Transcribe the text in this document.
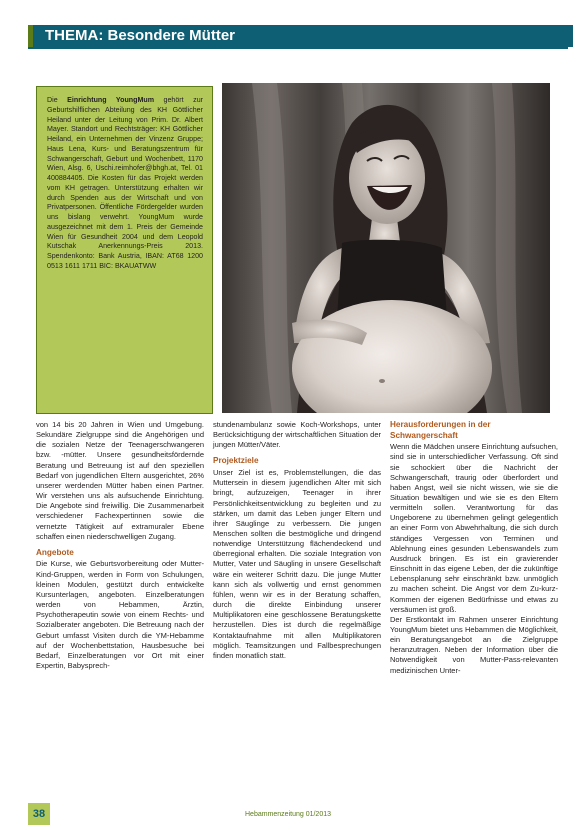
THEMA: Besondere Mütter
Die Einrichtung YoungMum gehört zur Geburtshilflichen Abteilung des KH Göttlicher Heiland unter der Leitung von Prim. Dr. Albert Mayer. Standort und Rechtsträger: KH Göttlicher Heiland, ein Unternehmen der Vinzenz Gruppe; Haus Lena, Kurs- und Beratungszentrum für Schwangerschaft, Geburt und Wochenbett, 1170 Wien, Alsg. 6, Uschi.reimhofer@bhgh.at, Tel. 01 400884405. Die Kosten für das Projekt werden vom KH getragen. Unterstützung erhalten wir durch Spenden aus der Wirtschaft und von Privatpersonen. Öffentliche Fördergelder wurden uns bislang verwehrt. YoungMum wurde ausgezeichnet mit dem 1. Preis der Gemeinde Wien für Gesundheit 2004 und dem Leopold Kutschak Anerkennungs-Preis 2013. Spendenkonto: Bank Austria, IBAN: AT68 1200 0513 1611 1711 BIC: BKAUATWW

von 14 bis 20 Jahren in Wien und Umgebung. Sekundäre Zielgruppe sind die Angehörigen und die sozialen Netze der Teenagerschwangeren bzw. -mütter. Unsere gesundheitsfördernde Beratung und Betreuung ist auf den speziellen Bedarf von jugendlichen Eltern ausgerichtet, 26% unserer werdenden Mütter haben einen Partner. Wir verstehen uns als aufsuchende Einrichtung. Die Angebote sind freiwillig. Die Zusammenarbeit verschiedener Fachexpertinnen sowie die vernetzte Tätigkeit auf extramuraler Ebene schaffen einen niederschwelligen Zugang.

Angebote

Die Kurse, wie Geburtsvorbereitung oder Mutter-Kind-Gruppen, werden in Form von Schulungen, kleinen Modulen, gestützt durch entwickelte Kursunterlagen, angeboten. Einzelberatungen werden von Hebammen, Ärztin, Psychotherapeutin sowie von einem Rechts- und Sozialberater angeboten. Die Betreuung nach der Geburt umfasst Visiten durch die YM-Hebamme auf der Wochenbettstation, Hausbesuche bei Bedarf, Einzelberatungen vor Ort mit einer Expertin, Babysprech-

stundenambulanz sowie Koch-Workshops, unter Berücksichtigung der wirtschaftlichen Situation der jungen Mütter/Väter.

Projektziele

Unser Ziel ist es, Problemstellungen, die das Muttersein in diesem jugendlichen Alter mit sich bringt, aufzuzeigen, Teenager in ihrer Persönlichkeitsentwicklung zu begleiten und zu stärken, um damit das Leben junger Eltern und ihrer Säuglinge zu verbessern. Die jungen Menschen sollten die bestmögliche und dringend notwendige Unterstützung flächendeckend und überregional erhalten. Die soziale Integration von Mutter, Vater und Säugling in unsere Gesellschaft wäre ein weiterer Schritt dazu. Die junge Mutter kann sich als vollwertig und ernst genommen fühlen, wenn wir es in der Beratung schaffen, durch die direkte Einbindung unserer Multiplikatoren eine geschlossene Beratungskette herzustellen. Dies ist durch die regelmäßige Kontaktaufnahme mit allen Multiplikatoren möglich. Teamsitzungen und Fallbesprechungen finden monatlich statt.

Herausforderungen in der Schwangerschaft

Wenn die Mädchen unsere Einrichtung aufsuchen, sind sie in unterschiedlicher Verfassung. Oft sind sie schockiert über die Nachricht der Schwangerschaft, traurig oder überfordert und haben Angst, weil sie nicht wissen, wie sie die Situation bewältigen und wie sie es den Eltern vermitteln sollen. Verantwortung für das Ungeborene zu übernehmen gelingt gelegentlich an einer Form von Abwehrhaltung, die sich durch ständiges Vergessen von Terminen und Ablehnung eines gesunden Lebenswandels zum Ausdruck bringen. Es ist ein gravierender Einschnitt in das eigene Leben, der die zukünftige Lebensplanung sehr einschränkt bzw. unmöglich zu machen scheint. Die Angst vor dem Zu-kurz-Kommen der eigenen Bedürfnisse und etwas zu versäumen ist groß.

Der Erstkontakt im Rahmen unserer Einrichtung YoungMum bietet uns Hebammen die Möglichkeit, ein Beratungsangebot an die Zielgruppe heranzutragen. Neben der Information über die Notwendigkeit von Mutter-Pass-relevanten medizinischen Unter-

38	Hebammenzeitung 01/2013
